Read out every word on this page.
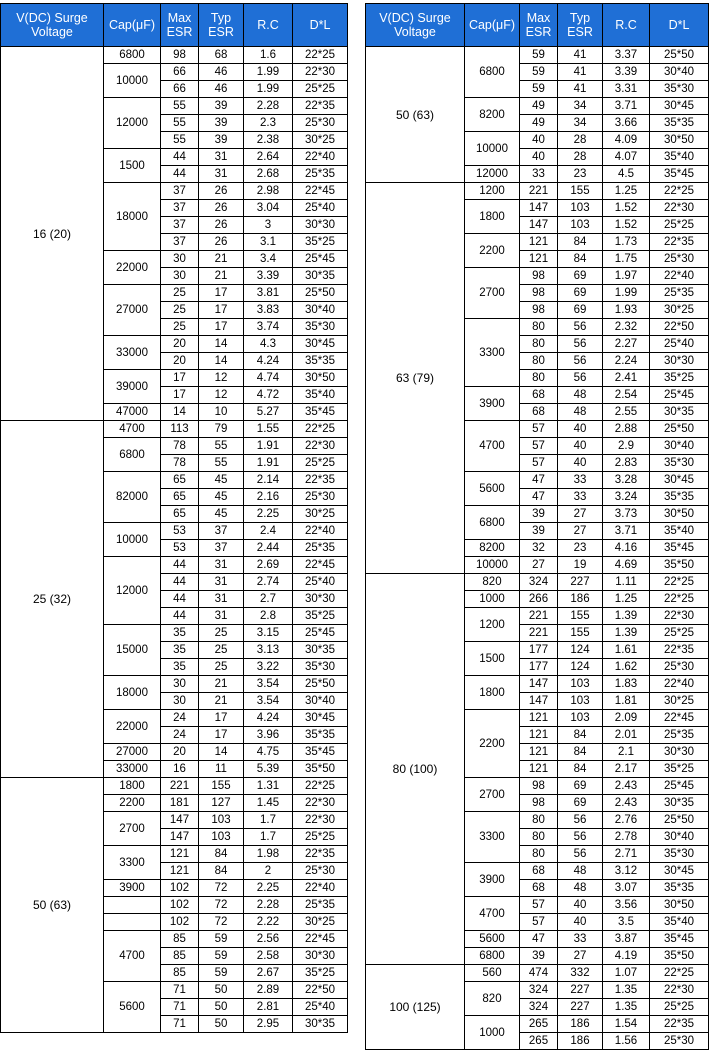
V(DC) Surge Voltage	Cap(μF)	Max ESR	Typ ESR	R.C	D*L
16 (20)	6800	98	68	1.6	22*25
	10000	66	46	1.99	22*30
		66	46	1.99	25*25
	12000	55	39	2.28	22*35
		55	39	2.3	25*30
		55	39	2.38	30*25
	1500	44	31	2.64	22*40
		44	31	2.68	25*35
	18000	37	26	2.98	22*45
		37	26	3.04	25*40
		37	26	3	30*30
		37	26	3.1	35*25
	22000	30	21	3.4	25*45
		30	21	3.39	30*35
	27000	25	17	3.81	25*50
		25	17	3.83	30*40
		25	17	3.74	35*30
	33000	20	14	4.3	30*45
		20	14	4.24	35*35
	39000	17	12	4.74	30*50
		17	12	4.72	35*40
	47000	14	10	5.27	35*45
25 (32)	4700	113	79	1.55	22*25
	6800	78	55	1.91	22*30
		78	55	1.91	25*25
	82000	65	45	2.14	22*35
		65	45	2.16	25*30
		65	45	2.25	30*25
	10000	53	37	2.4	22*40
		53	37	2.44	25*35
	12000	44	31	2.69	22*45
		44	31	2.74	25*40
		44	31	2.7	30*30
		44	31	2.8	35*25
	15000	35	25	3.15	25*45
		35	25	3.13	30*35
		35	25	3.22	35*30
	18000	30	21	3.54	25*50
		30	21	3.54	30*40
	22000	24	17	4.24	30*45
		24	17	3.96	35*35
	27000	20	14	4.75	35*45
	33000	16	11	5.39	35*50
50 (63)	1800	221	155	1.31	22*25
	2200	181	127	1.45	22*30
	2700	147	103	1.7	22*30
		147	103	1.7	25*25
	3300	121	84	1.98	22*35
		121	84	2	25*30
	3900	102	72	2.25	22*40
		102	72	2.28	25*35
		102	72	2.22	30*25
	4700	85	59	2.56	22*45
		85	59	2.58	30*30
		85	59	2.67	35*25
	5600	71	50	2.89	22*50
		71	50	2.81	25*40
		71	50	2.95	30*35
V(DC) Surge Voltage	Cap(μF)	Max ESR	Typ ESR	R.C	D*L
50 (63)	6800	59	41	3.37	25*50
		59	41	3.39	30*40
		59	41	3.31	35*30
	8200	49	34	3.71	30*45
		49	34	3.66	35*35
	10000	40	28	4.09	30*50
		40	28	4.07	35*40
	12000	33	23	4.5	35*45
63 (79)	1200	221	155	1.25	22*25
	1800	147	103	1.52	22*30
		147	103	1.52	25*25
	2200	121	84	1.73	22*35
		121	84	1.75	25*30
	2700	98	69	1.97	22*40
		98	69	1.99	25*35
		98	69	1.93	30*25
	3300	80	56	2.32	22*50
		80	56	2.27	25*40
		80	56	2.24	30*30
		80	56	2.41	35*25
	3900	68	48	2.54	25*45
		68	48	2.55	30*35
	4700	57	40	2.88	25*50
		57	40	2.9	30*40
		57	40	2.83	35*30
	5600	47	33	3.28	30*45
		47	33	3.24	35*35
	6800	39	27	3.73	30*50
		39	27	3.71	35*40
	8200	32	23	4.16	35*45
	10000	27	19	4.69	35*50
80 (100)	820	324	227	1.11	22*25
	1000	266	186	1.25	22*25
	1200	221	155	1.39	22*30
		221	155	1.39	25*25
	1500	177	124	1.61	22*35
		177	124	1.62	25*30
	1800	147	103	1.83	22*40
		147	103	1.81	30*25
	2200	121	103	2.09	22*45
		121	84	2.01	25*35
		121	84	2.1	30*30
		121	84	2.17	35*25
	2700	98	69	2.43	25*45
		98	69	2.43	30*35
	3300	80	56	2.76	25*50
		80	56	2.78	30*40
		80	56	2.71	35*30
	3900	68	48	3.12	30*45
		68	48	3.07	35*35
	4700	57	40	3.56	30*50
		57	40	3.5	35*40
	5600	47	33	3.87	35*45
	6800	39	27	4.19	35*50
100 (125)	560	474	332	1.07	22*25
	820	324	227	1.35	22*30
		324	227	1.35	25*25
	1000	265	186	1.54	22*35
		265	186	1.56	25*30
